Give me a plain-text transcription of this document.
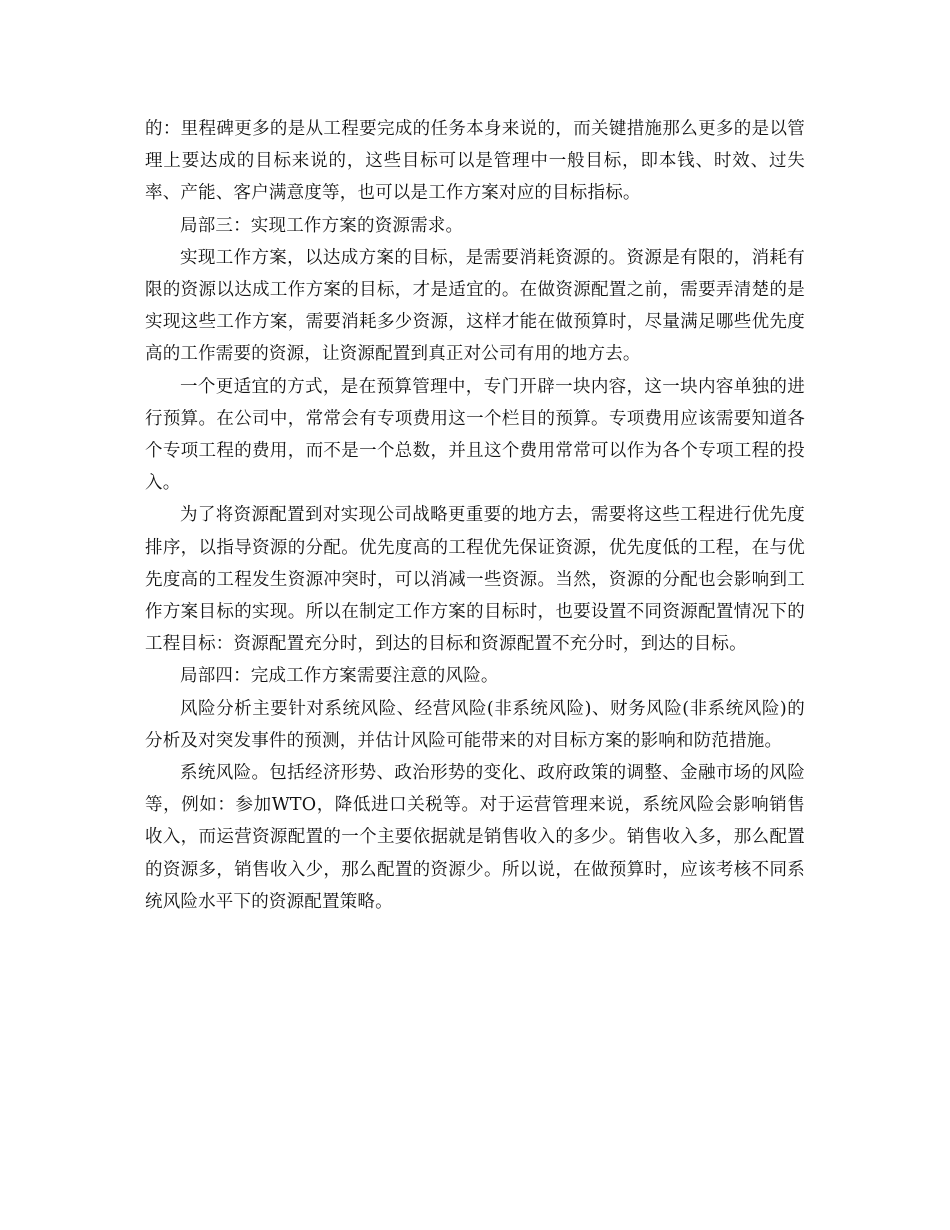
的：里程碑更多的是从工程要完成的任务本身来说的，而关键措施那么更多的是以管理上要达成的目标来说的，这些目标可以是管理中一般目标，即本钱、时效、过失率、产能、客户满意度等，也可以是工作方案对应的目标指标。

局部三：实现工作方案的资源需求。

实现工作方案，以达成方案的目标，是需要消耗资源的。资源是有限的，消耗有限的资源以达成工作方案的目标，才是适宜的。在做资源配置之前，需要弄清楚的是实现这些工作方案，需要消耗多少资源，这样才能在做预算时，尽量满足哪些优先度高的工作需要的资源，让资源配置到真正对公司有用的地方去。

一个更适宜的方式，是在预算管理中，专门开辟一块内容，这一块内容单独的进行预算。在公司中，常常会有专项费用这一个栏目的预算。专项费用应该需要知道各个专项工程的费用，而不是一个总数，并且这个费用常常可以作为各个专项工程的投入。

为了将资源配置到对实现公司战略更重要的地方去，需要将这些工程进行优先度排序，以指导资源的分配。优先度高的工程优先保证资源，优先度低的工程，在与优先度高的工程发生资源冲突时，可以消减一些资源。当然，资源的分配也会影响到工作方案目标的实现。所以在制定工作方案的目标时，也要设置不同资源配置情况下的工程目标：资源配置充分时，到达的目标和资源配置不充分时，到达的目标。

局部四：完成工作方案需要注意的风险。

风险分析主要针对系统风险、经营风险(非系统风险)、财务风险(非系统风险)的分析及对突发事件的预测，并估计风险可能带来的对目标方案的影响和防范措施。

系统风险。包括经济形势、政治形势的变化、政府政策的调整、金融市场的风险等，例如：参加WTO，降低进口关税等。对于运营管理来说，系统风险会影响销售收入，而运营资源配置的一个主要依据就是销售收入的多少。销售收入多，那么配置的资源多，销售收入少，那么配置的资源少。所以说，在做预算时，应该考核不同系统风险水平下的资源配置策略。
